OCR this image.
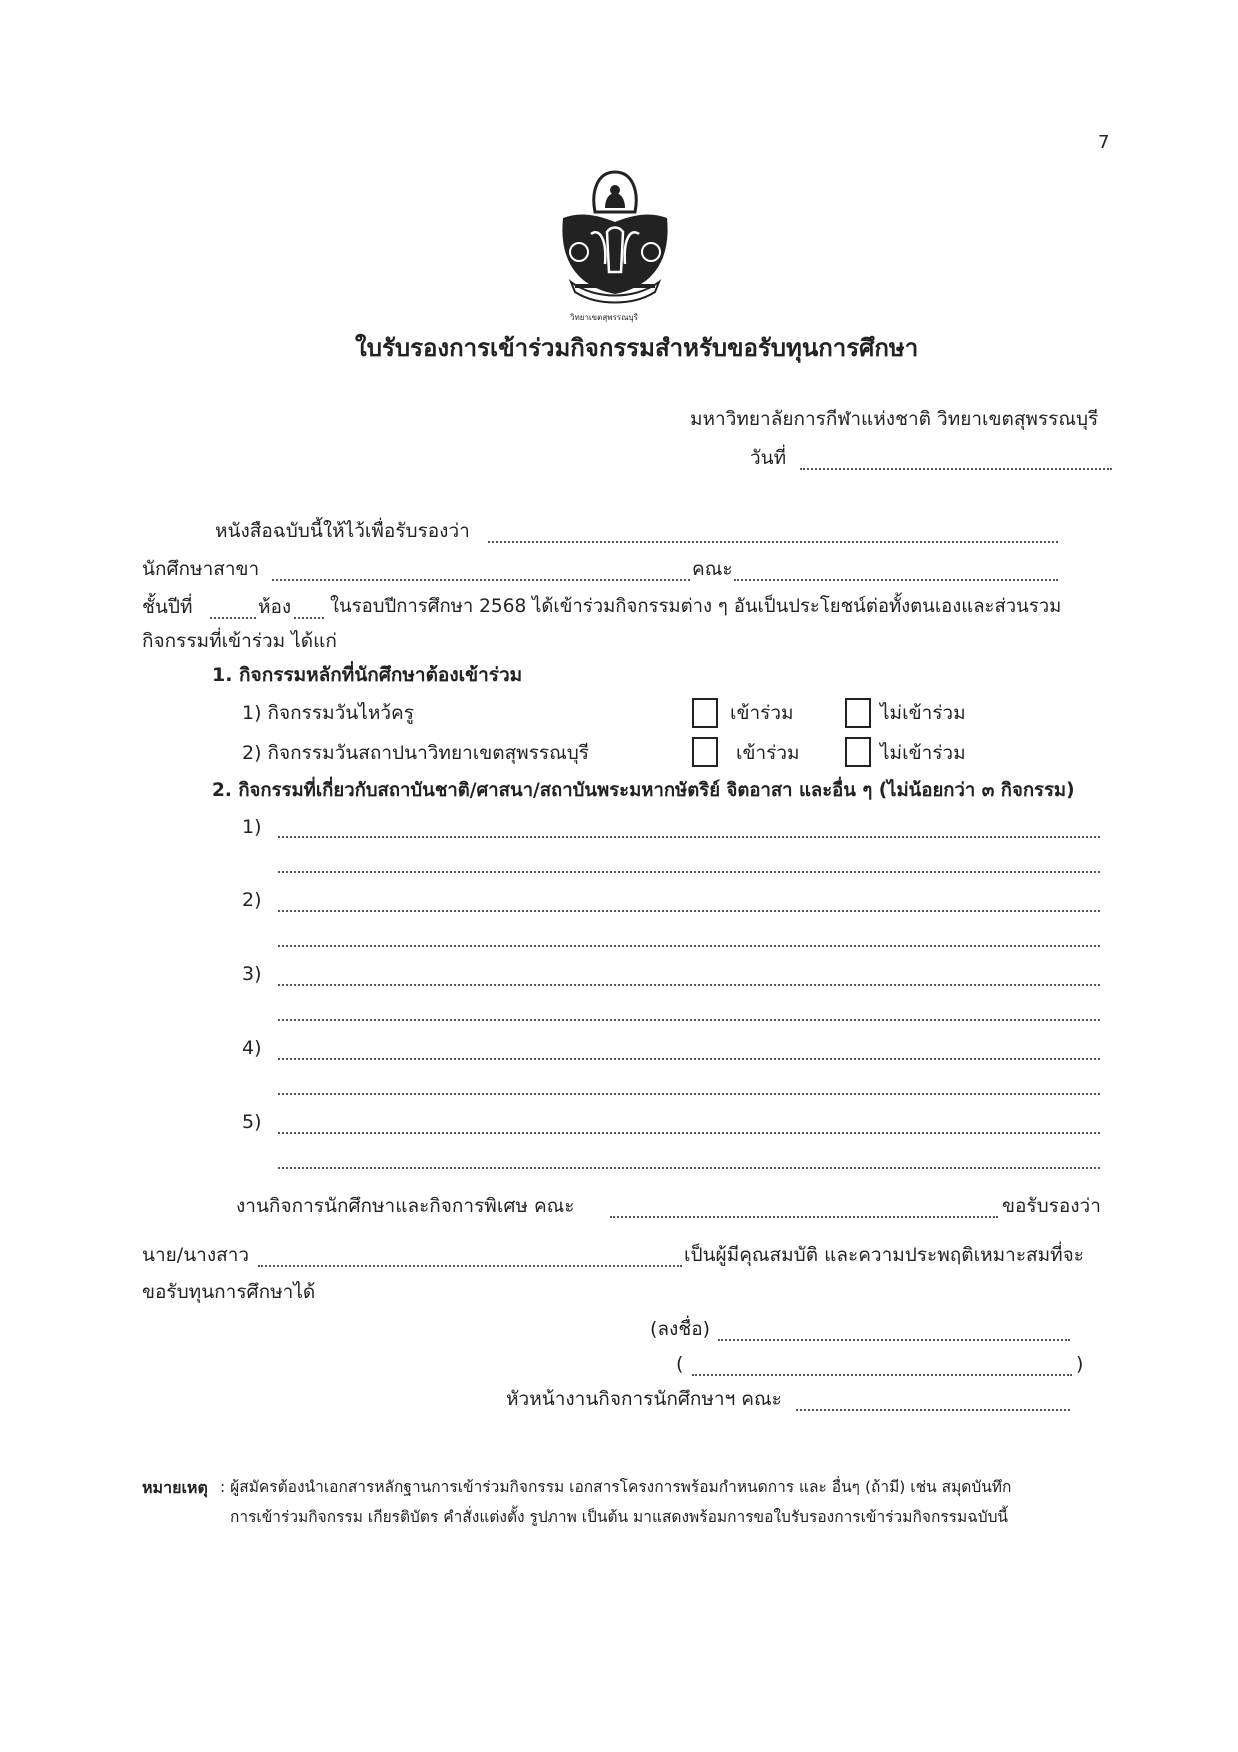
7
วิทยาเขตสุพรรณบุรี
ใบรับรองการเข้าร่วมกิจกรรมสำหรับขอรับทุนการศึกษา
มหาวิทยาลัยการกีฬาแห่งชาติ วิทยาเขตสุพรรณบุรี
วันที่
หนังสือฉบับนี้ให้ไว้เพื่อรับรองว่า
นักศึกษาสาขา	คณะ
ชั้นปีที่	ห้อง ในรอบปีการศึกษา 2568 ได้เข้าร่วมกิจกรรมต่าง ๆ อันเป็นประโยชน์ต่อทั้งตนเองและส่วนรวม
กิจกรรมที่เข้าร่วม ได้แก่
1. กิจกรรมหลักที่นักศึกษาต้องเข้าร่วม
1) กิจกรรมวันไหว้ครู	เข้าร่วม	ไม่เข้าร่วม
2) กิจกรรมวันสถาปนาวิทยาเขตสุพรรณบุรี	เข้าร่วม	ไม่เข้าร่วม
2. กิจกรรมที่เกี่ยวกับสถาบันชาติ/ศาสนา/สถาบันพระมหากษัตริย์ จิตอาสา และอื่น ๆ (ไม่น้อยกว่า ๓ กิจกรรม)
1)
2)
3)
4)
5)
งานกิจการนักศึกษาและกิจการพิเศษ คณะ	ขอรับรองว่า
นาย/นางสาว	เป็นผู้มีคุณสมบัติ และความประพฤติเหมาะสมที่จะ
ขอรับทุนการศึกษาได้
(ลงชื่อ)
(	)
หัวหน้างานกิจการนักศึกษาฯ คณะ
หมายเหตุ : ผู้สมัครต้องนำเอกสารหลักฐานการเข้าร่วมกิจกรรม เอกสารโครงการพร้อมกำหนดการ และ อื่นๆ (ถ้ามี) เช่น สมุดบันทึก
การเข้าร่วมกิจกรรม เกียรติบัตร คำสั่งแต่งตั้ง รูปภาพ เป็นต้น มาแสดงพร้อมการขอใบรับรองการเข้าร่วมกิจกรรมฉบับนี้
